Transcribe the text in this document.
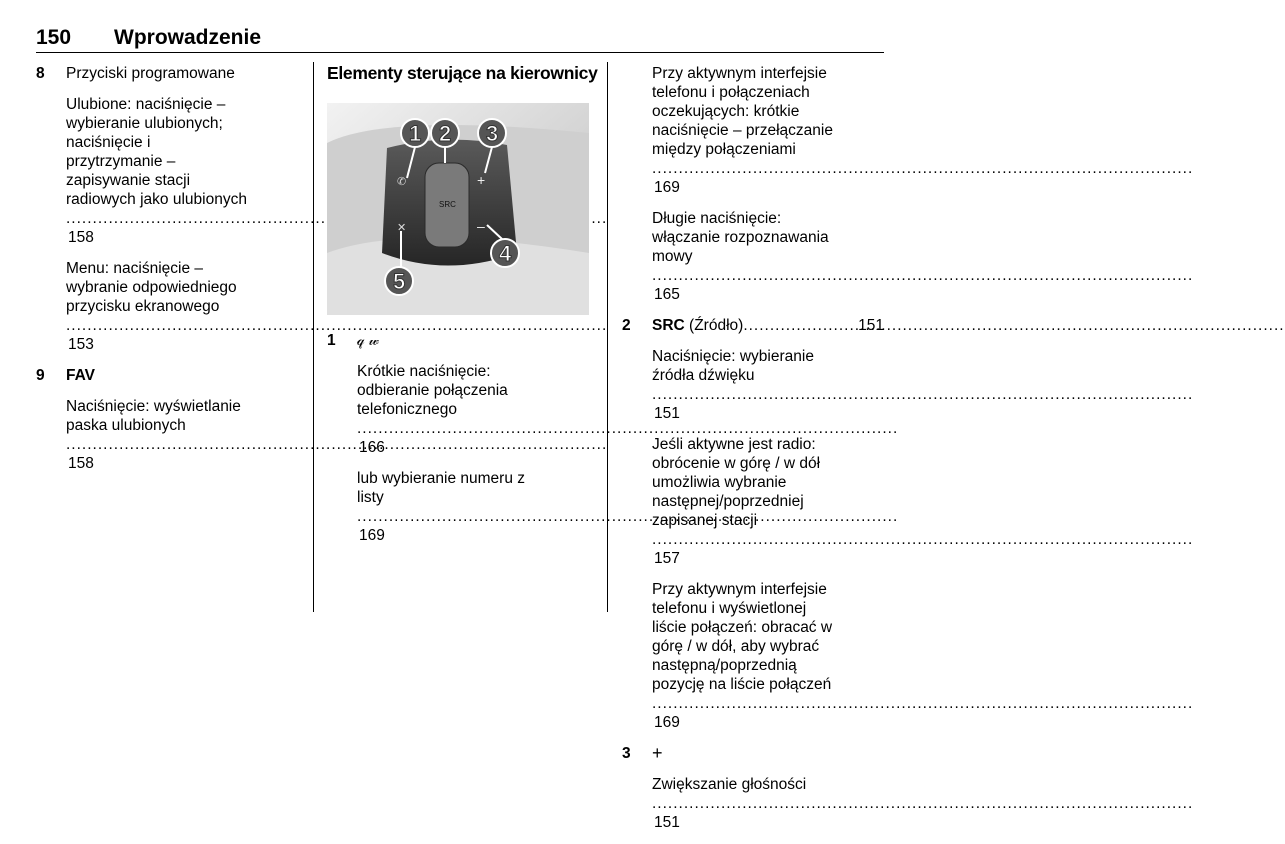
150 Wprowadzenie
8 Przyciski programowane

Ulubione: naciśnięcie –
wybieranie ulubionych;
naciśnięcie i
przytrzymanie –
zapisywanie stacji
radiowych jako ulubionych
.....
158

Menu: naciśnięcie –
wybranie odpowiedniego
przycisku ekranowego
.....
153

9 FAV

Naciśnięcie: wyświetlanie
paska ulubionych
.....
158

Elementy sterujące na kierownicy
SRC
+
–
✆
✕
1 2 3
4
5
1 𝓆 𝓌

Krótkie naciśnięcie:
odbieranie połączenia
telefonicznego
.....
166

lub wybieranie numeru z
listy
.....
169

Przy aktywnym interfejsie
telefonu i połączeniach
oczekujących: krótkie
naciśnięcie – przełączanie
między połączeniami
.....
169

Długie naciśnięcie:
włączanie rozpoznawania
mowy
.....
165

2 SRC (Źródło)
.....	151

Naciśnięcie: wybieranie
źródła dźwięku
.....
151

Jeśli aktywne jest radio:
obrócenie w górę / w dół
umożliwia wybranie
następnej/poprzedniej
zapisanej stacji
.....
157

Przy aktywnym interfejsie
telefonu i wyświetlonej
liście połączeń: obracać w
górę / w dół, aby wybrać
następną/poprzednią
pozycję na liście połączeń
.....
169

3 +

Zwiększanie głośności
.....
151
